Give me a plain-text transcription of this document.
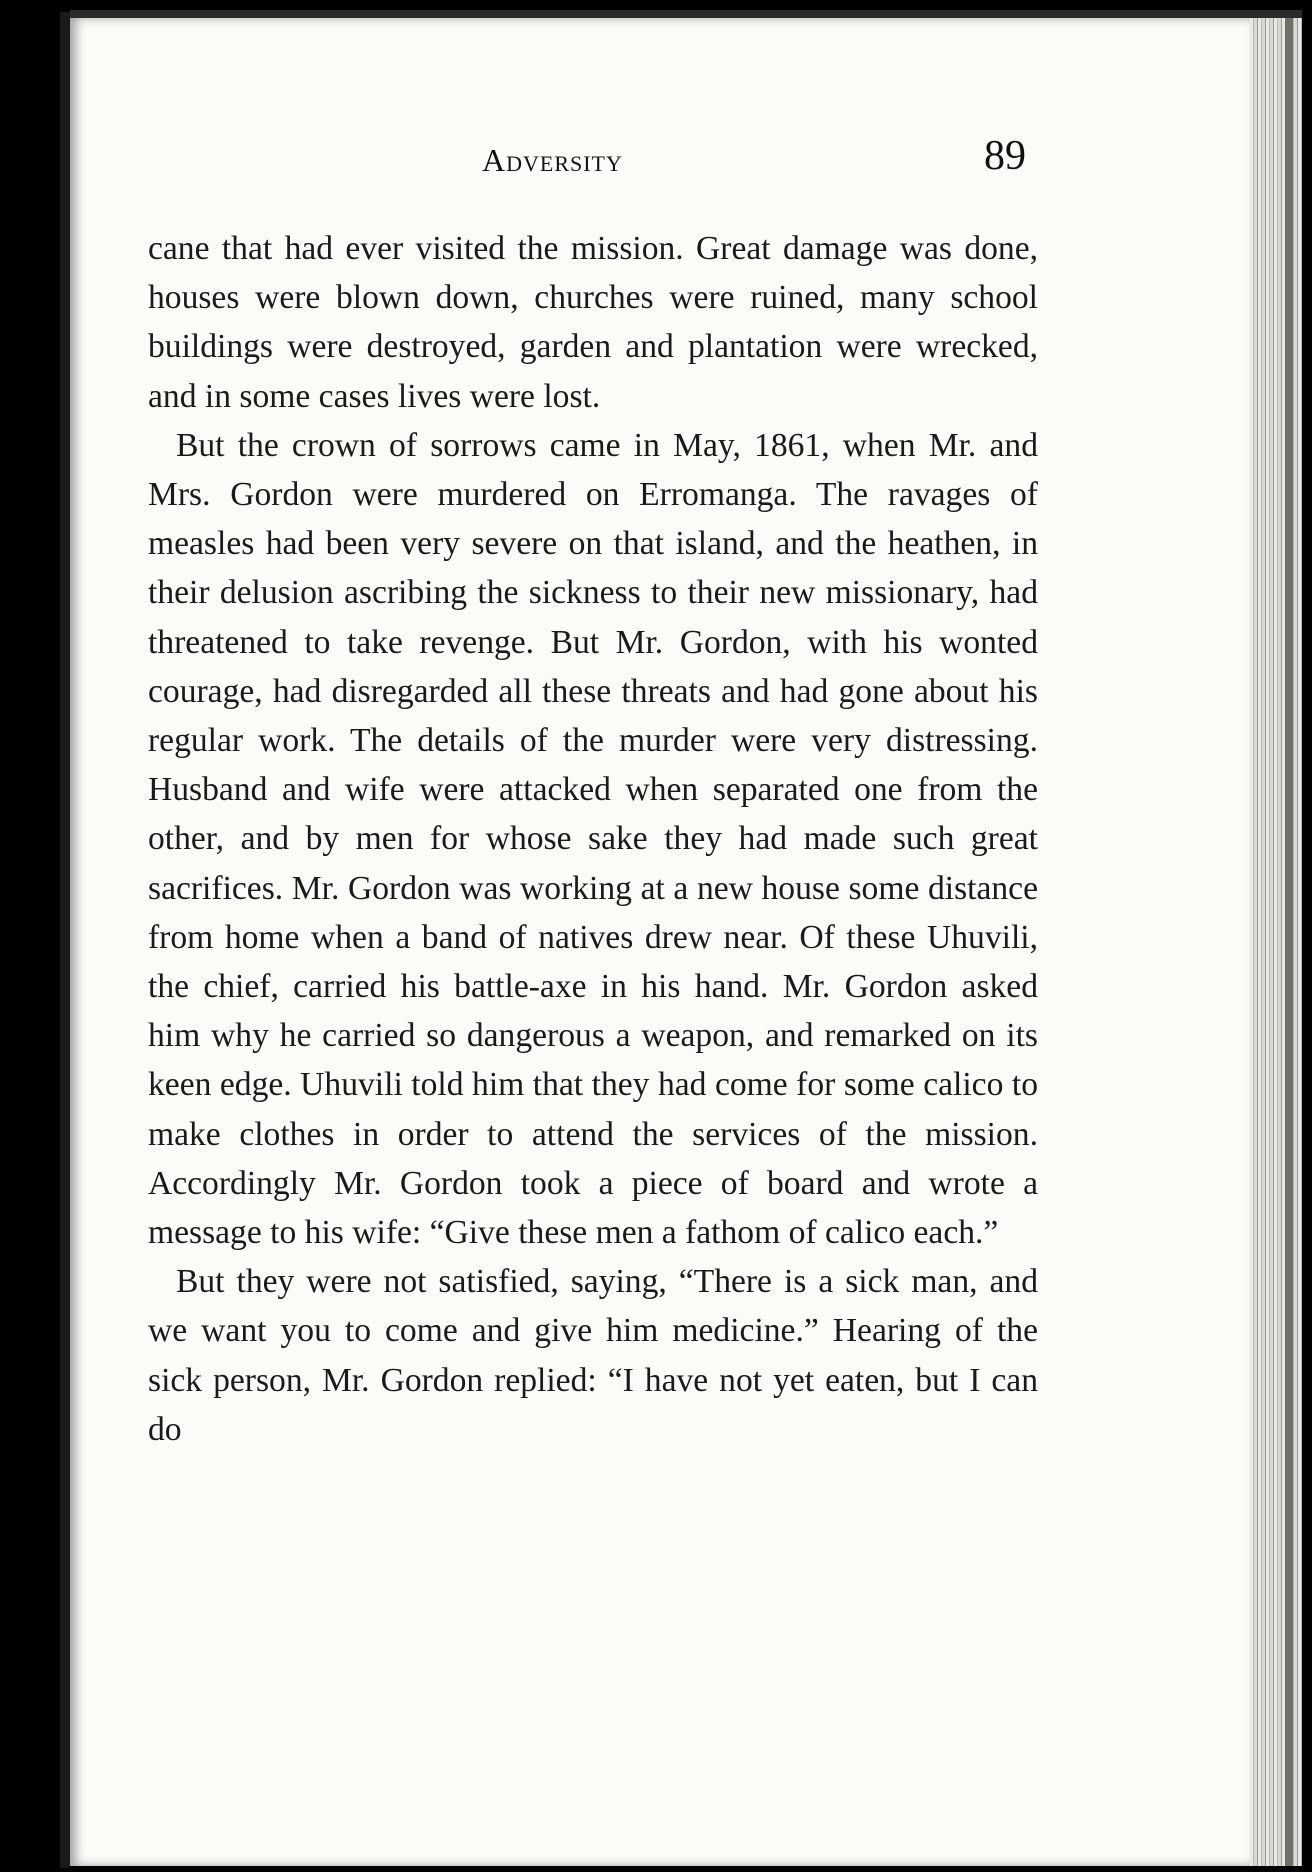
Adversity	89

cane that had ever visited the mission. Great damage was done, houses were blown down, churches were ruined, many school buildings were destroyed, garden and plantation were wrecked, and in some cases lives were lost.

But the crown of sorrows came in May, 1861, when Mr. and Mrs. Gordon were murdered on Erromanga. The ravages of measles had been very severe on that island, and the heathen, in their delusion ascribing the sickness to their new missionary, had threatened to take revenge. But Mr. Gordon, with his wonted courage, had disregarded all these threats and had gone about his regular work. The details of the murder were very distressing. Husband and wife were attacked when separated one from the other, and by men for whose sake they had made such great sacrifices. Mr. Gordon was working at a new house some distance from home when a band of natives drew near. Of these Uhuvili, the chief, carried his battle-axe in his hand. Mr. Gordon asked him why he carried so dangerous a weapon, and remarked on its keen edge. Uhuvili told him that they had come for some calico to make clothes in order to attend the services of the mission. Accordingly Mr. Gordon took a piece of board and wrote a message to his wife: “Give these men a fathom of calico each.”

But they were not satisfied, saying, “There is a sick man, and we want you to come and give him medicine.” Hearing of the sick person, Mr. Gordon replied: “I have not yet eaten, but I can do
